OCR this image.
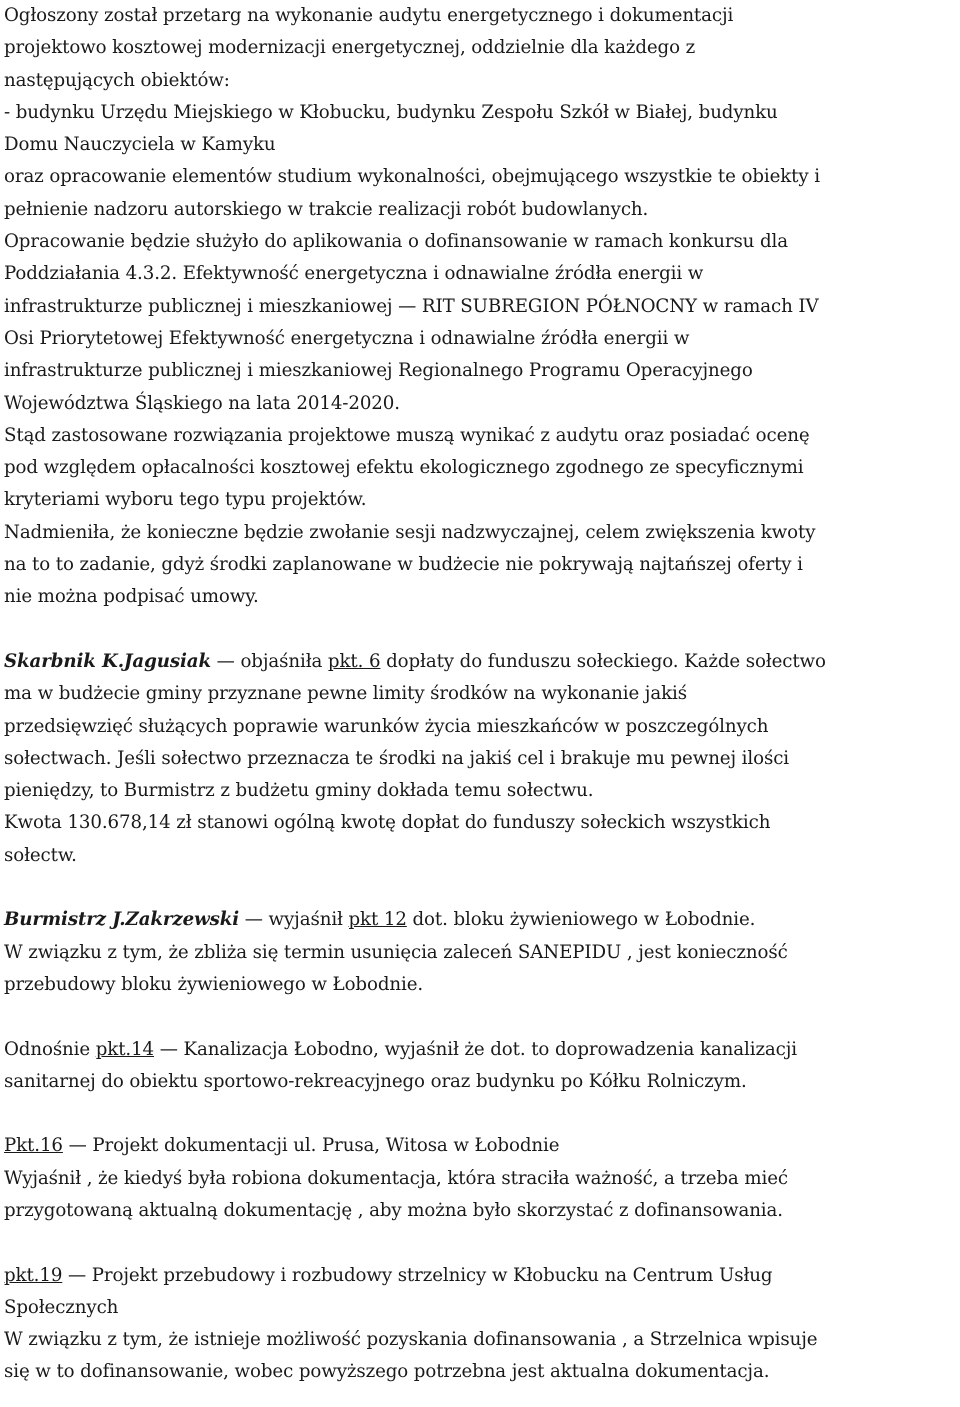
Ogłoszony został przetarg na wykonanie audytu energetycznego i dokumentacji
projektowo kosztowej modernizacji energetycznej, oddzielnie dla każdego z
następujących obiektów:
- budynku Urzędu Miejskiego w Kłobucku, budynku Zespołu Szkół w Białej, budynku
Domu Nauczyciela w Kamyku
oraz opracowanie elementów studium wykonalności, obejmującego wszystkie te obiekty i
pełnienie nadzoru autorskiego w trakcie realizacji robót budowlanych.
Opracowanie będzie służyło do aplikowania o dofinansowanie w ramach konkursu dla
Poddziałania 4.3.2. Efektywność energetyczna i odnawialne źródła energii w
infrastrukturze publicznej i mieszkaniowej — RIT SUBREGION PÓŁNOCNY w ramach IV
Osi Priorytetowej Efektywność energetyczna i odnawialne źródła energii w
infrastrukturze publicznej i mieszkaniowej Regionalnego Programu Operacyjnego
Województwa Śląskiego na lata 2014-2020.
Stąd zastosowane rozwiązania projektowe muszą wynikać z audytu oraz posiadać ocenę
pod względem opłacalności kosztowej efektu ekologicznego zgodnego ze specyficznymi
kryteriami wyboru tego typu projektów.
Nadmieniła, że konieczne będzie zwołanie sesji nadzwyczajnej, celem zwiększenia kwoty
na to to zadanie, gdyż środki zaplanowane w budżecie nie pokrywają najtańszej oferty i
nie można podpisać umowy.
Skarbnik K.Jagusiak — objaśniła pkt. 6 dopłaty do funduszu sołeckiego. Każde sołectwo
ma w budżecie gminy przyznane pewne limity środków na wykonanie jakiś
przedsięwzięć służących poprawie warunków życia mieszkańców w poszczególnych
sołectwach. Jeśli sołectwo przeznacza te środki na jakiś cel i brakuje mu pewnej ilości
pieniędzy, to Burmistrz z budżetu gminy dokłada temu sołectwu.
Kwota 130.678,14 zł stanowi ogólną kwotę dopłat do funduszy sołeckich wszystkich
sołectw.
Burmistrz J.Zakrzewski — wyjaśnił pkt 12 dot. bloku żywieniowego w Łobodnie.
W związku z tym, że zbliża się termin usunięcia zaleceń SANEPIDU , jest konieczność
przebudowy bloku żywieniowego w Łobodnie.
Odnośnie pkt.14 — Kanalizacja Łobodno, wyjaśnił że dot. to doprowadzenia kanalizacji
sanitarnej do obiektu sportowo-rekreacyjnego oraz budynku po Kółku Rolniczym.
Pkt.16 — Projekt dokumentacji ul. Prusa, Witosa w Łobodnie
Wyjaśnił , że kiedyś była robiona dokumentacja, która straciła ważność, a trzeba mieć
przygotowaną aktualną dokumentację , aby można było skorzystać z dofinansowania.
pkt.19 — Projekt przebudowy i rozbudowy strzelnicy w Kłobucku na Centrum Usług
Społecznych
W związku z tym, że istnieje możliwość pozyskania dofinansowania , a Strzelnica wpisuje
się w to dofinansowanie, wobec powyższego potrzebna jest aktualna dokumentacja.
